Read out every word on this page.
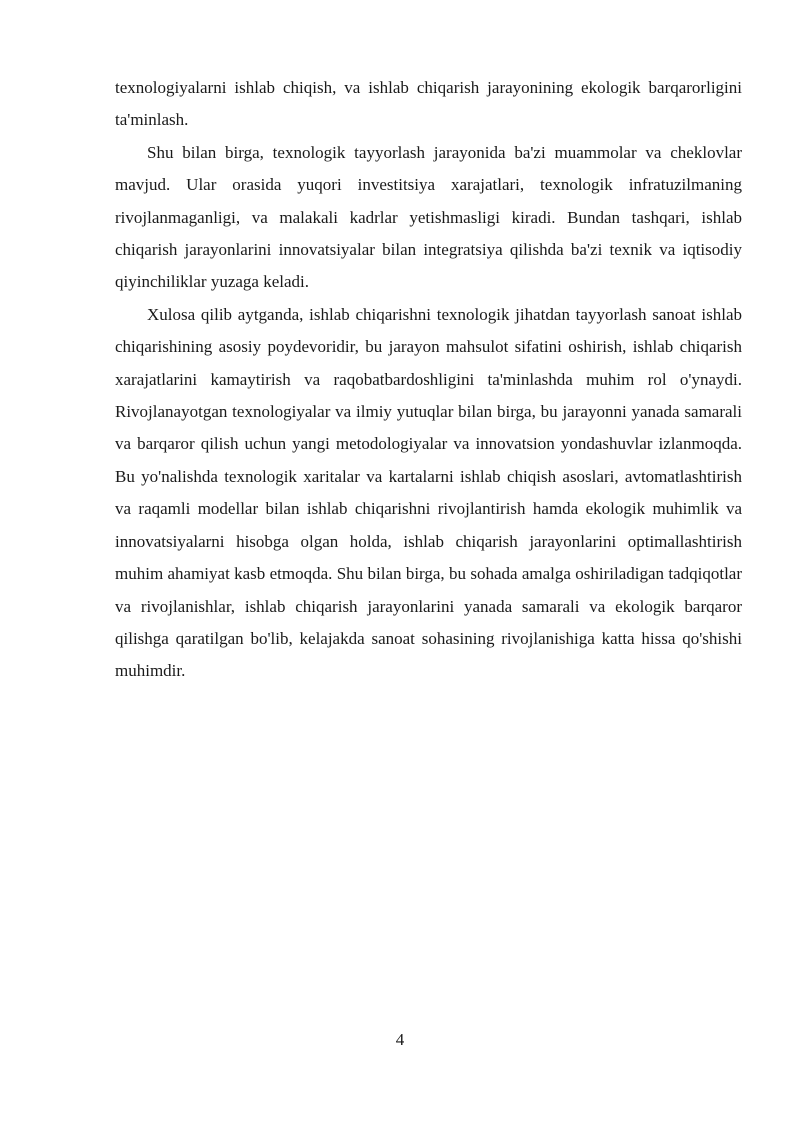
texnologiyalarni ishlab chiqish, va ishlab chiqarish jarayonining ekologik barqarorligini ta'minlash.

Shu bilan birga, texnologik tayyorlash jarayonida ba'zi muammolar va cheklovlar mavjud. Ular orasida yuqori investitsiya xarajatlari, texnologik infratuzilmaning rivojlanmaganligi, va malakali kadrlar yetishmasligi kiradi. Bundan tashqari, ishlab chiqarish jarayonlarini innovatsiyalar bilan integratsiya qilishda ba'zi texnik va iqtisodiy qiyinchiliklar yuzaga keladi.

Xulosa qilib aytganda, ishlab chiqarishni texnologik jihatdan tayyorlash sanoat ishlab chiqarishining asosiy poydevoridir, bu jarayon mahsulot sifatini oshirish, ishlab chiqarish xarajatlarini kamaytirish va raqobatbardoshligini ta'minlashda muhim rol o'ynaydi. Rivojlanayotgan texnologiyalar va ilmiy yutuqlar bilan birga, bu jarayonni yanada samarali va barqaror qilish uchun yangi metodologiyalar va innovatsion yondashuvlar izlanmoqda. Bu yo'nalishda texnologik xaritalar va kartalarni ishlab chiqish asoslari, avtomatlashtirish va raqamli modellar bilan ishlab chiqarishni rivojlantirish hamda ekologik muhimlik va innovatsiyalarni hisobga olgan holda, ishlab chiqarish jarayonlarini optimallashtirish muhim ahamiyat kasb etmoqda. Shu bilan birga, bu sohada amalga oshiriladigan tadqiqotlar va rivojlanishlar, ishlab chiqarish jarayonlarini yanada samarali va ekologik barqaror qilishga qaratilgan bo'lib, kelajakda sanoat sohasining rivojlanishiga katta hissa qo'shishi muhimdir.

4
